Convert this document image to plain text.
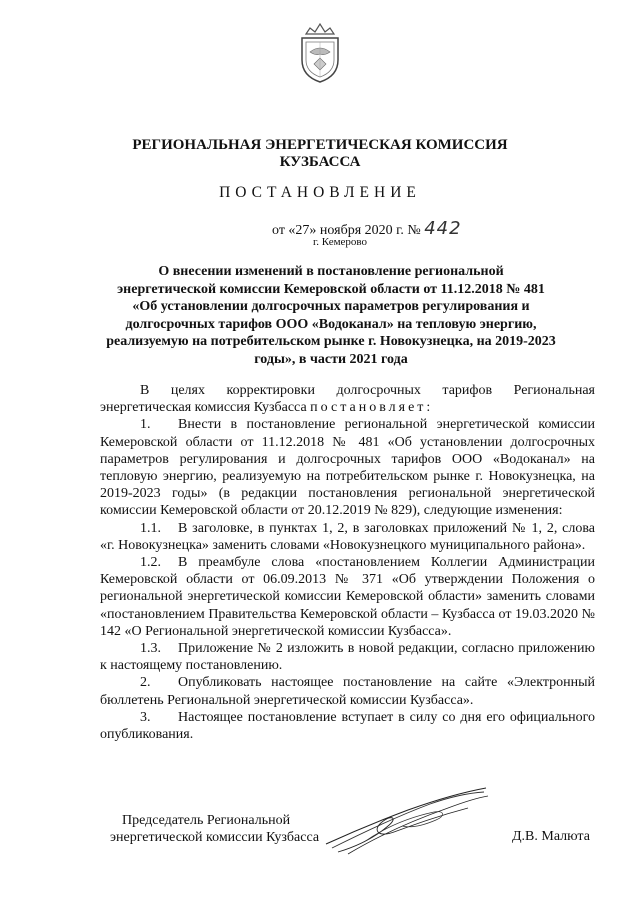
РЕГИОНАЛЬНАЯ ЭНЕРГЕТИЧЕСКАЯ КОМИССИЯ
КУЗБАССА
ПОСТАНОВЛЕНИЕ
от «27» ноября 2020 г. № 442
г. Кемерово
О внесении изменений в постановление региональной
энергетической комиссии Кемеровской области от 11.12.2018 № 481
«Об установлении долгосрочных параметров регулирования и
долгосрочных тарифов ООО «Водоканал» на тепловую энергию,
реализуемую на потребительском рынке г. Новокузнецка, на 2019-2023
годы», в части 2021 года

В целях корректировки долгосрочных тарифов Региональная энергетическая комиссия Кузбасса постановляет:

1. Внести в постановление региональной энергетической комиссии Кемеровской области от 11.12.2018 № 481 «Об установлении долгосрочных параметров регулирования и долгосрочных тарифов ООО «Водоканал» на тепловую энергию, реализуемую на потребительском рынке г. Новокузнецка, на 2019-2023 годы» (в редакции постановления региональной энергетической комиссии Кемеровской области от 20.12.2019 № 829), следующие изменения:

1.1. В заголовке, в пунктах 1, 2, в заголовках приложений № 1, 2, слова «г. Новокузнецка» заменить словами «Новокузнецкого муниципального района».

1.2. В преамбуле слова «постановлением Коллегии Администрации Кемеровской области от 06.09.2013 № 371 «Об утверждении Положения о региональной энергетической комиссии Кемеровской области» заменить словами «постановлением Правительства Кемеровской области – Кузбасса от 19.03.2020 № 142 «О Региональной энергетической комиссии Кузбасса».

1.3. Приложение № 2 изложить в новой редакции, согласно приложению к настоящему постановлению.

2. Опубликовать настоящее постановление на сайте «Электронный бюллетень Региональной энергетической комиссии Кузбасса».

3. Настоящее постановление вступает в силу со дня его официального опубликования.

Председатель Региональной
энергетической комиссии Кузбасса	Д.В. Малюта
